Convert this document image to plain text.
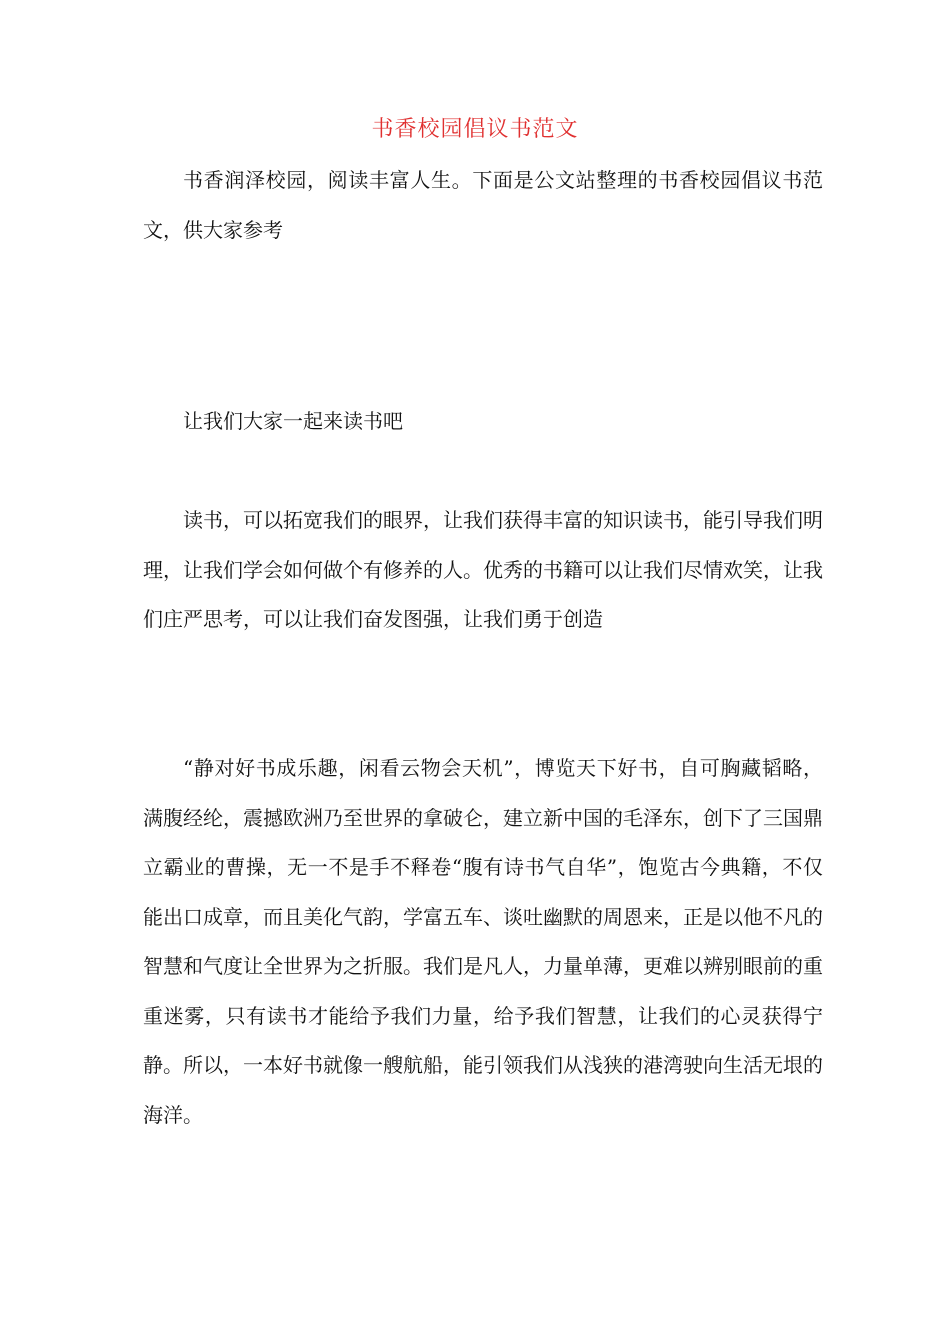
书香校园倡议书范文

书香润泽校园，阅读丰富人生。下面是公文站整理的书香校园倡议书范文，供大家参考

让我们大家一起来读书吧

读书，可以拓宽我们的眼界，让我们获得丰富的知识读书，能引导我们明理，让我们学会如何做个有修养的人。优秀的书籍可以让我们尽情欢笑，让我们庄严思考，可以让我们奋发图强，让我们勇于创造

“静对好书成乐趣，闲看云物会天机”，博览天下好书，自可胸藏韬略，满腹经纶，震撼欧洲乃至世界的拿破仑，建立新中国的毛泽东，创下了三国鼎立霸业的曹操，无一不是手不释卷“腹有诗书气自华”，饱览古今典籍，不仅能出口成章，而且美化气韵，学富五车、谈吐幽默的周恩来，正是以他不凡的智慧和气度让全世界为之折服。我们是凡人，力量单薄，更难以辨别眼前的重重迷雾，只有读书才能给予我们力量，给予我们智慧，让我们的心灵获得宁静。所以，一本好书就像一艘航船，能引领我们从浅狭的港湾驶向生活无垠的海洋。
